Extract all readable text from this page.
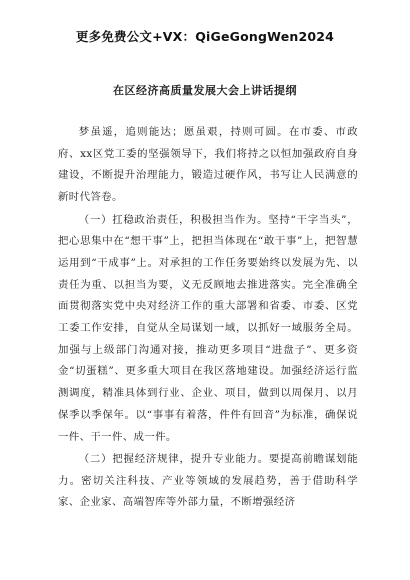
更多免费公文+VX：QiGeGongWen2024
在区经济高质量发展大会上讲话提纲

梦虽遥，追则能达；愿虽艰，持则可圆。在市委、市政府、xx区党工委的坚强领导下，我们将持之以恒加强政府自身建设，不断提升治理能力，锻造过硬作风，书写让人民满意的新时代答卷。

（一）扛稳政治责任，积极担当作为。坚持“干字当头”，把心思集中在“想干事”上，把担当体现在“敢干事”上，把智慧运用到“干成事”上。对承担的工作任务要始终以发展为先、以责任为重、以担当为要，义无反顾地去推进落实。完全准确全面贯彻落实党中央对经济工作的重大部署和省委、市委、区党工委工作安排，自觉从全局谋划一域，以抓好一域服务全局。加强与上级部门沟通对接，推动更多项目“进盘子”、更多资金“切蛋糕”、更多重大项目在我区落地建设。加强经济运行监测调度，精准具体到行业、企业、项目，做到以周保月、以月保季以季保年。以“事事有着落，件件有回音”为标准，确保说一件、干一件、成一件。

（二）把握经济规律，提升专业能力。要提高前瞻谋划能力。密切关注科技、产业等领域的发展趋势，善于借助科学家、企业家、高端智库等外部力量，不断增强经济
